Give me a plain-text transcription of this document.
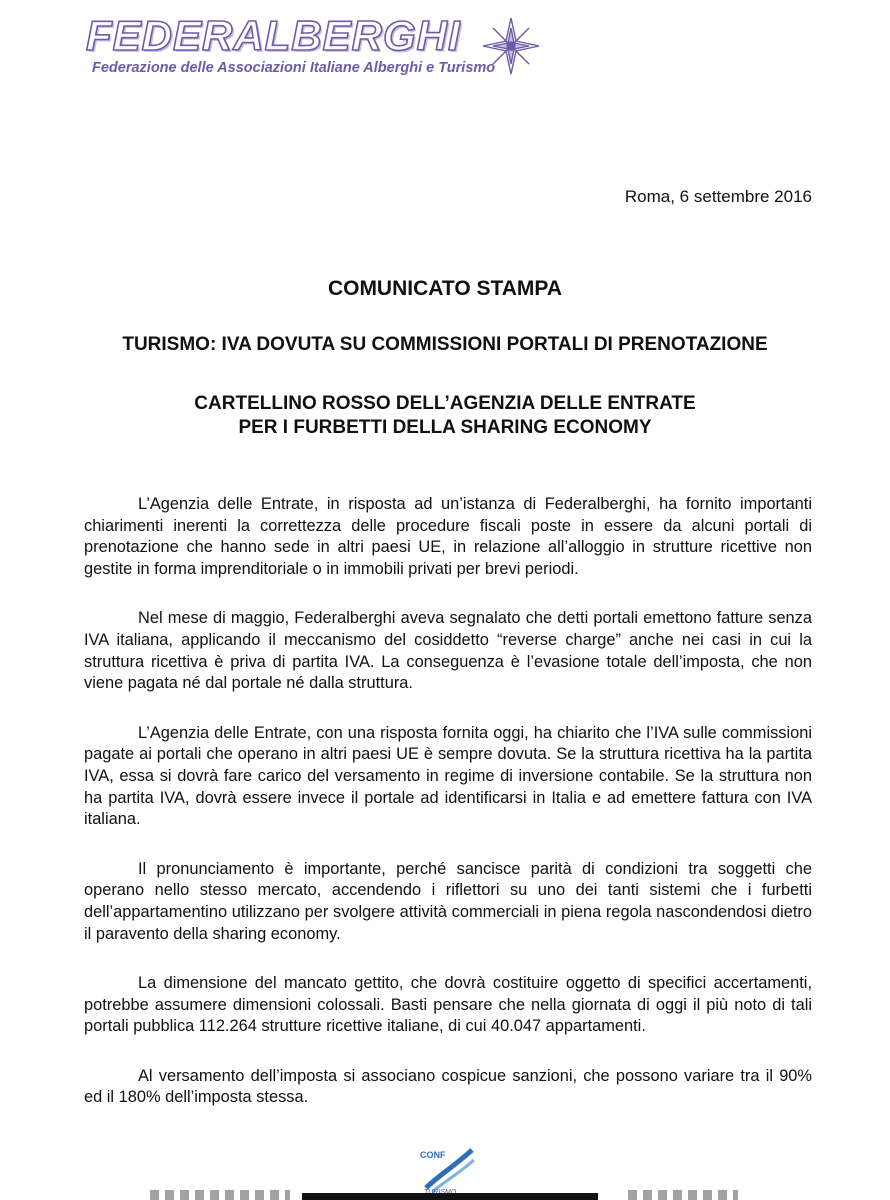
FEDERALBERGHI
Federazione delle Associazioni Italiane Alberghi e Turismo
Roma, 6 settembre 2016
COMUNICATO STAMPA
TURISMO: IVA DOVUTA SU COMMISSIONI PORTALI DI PRENOTAZIONE
CARTELLINO ROSSO DELL’AGENZIA DELLE ENTRATE
PER I FURBETTI DELLA SHARING ECONOMY

L’Agenzia delle Entrate, in risposta ad un’istanza di Federalberghi, ha fornito importanti chiarimenti inerenti la correttezza delle procedure fiscali poste in essere da alcuni portali di prenotazione che hanno sede in altri paesi UE, in relazione all’alloggio in strutture ricettive non gestite in forma imprenditoriale o in immobili privati per brevi periodi.

Nel mese di maggio, Federalberghi aveva segnalato che detti portali emettono fatture senza IVA italiana, applicando il meccanismo del cosiddetto “reverse charge” anche nei casi in cui la struttura ricettiva è priva di partita IVA. La conseguenza è l’evasione totale dell’imposta, che non viene pagata né dal portale né dalla struttura.

L’Agenzia delle Entrate, con una risposta fornita oggi, ha chiarito che l’IVA sulle commissioni pagate ai portali che operano in altri paesi UE è sempre dovuta. Se la struttura ricettiva ha la partita IVA, essa si dovrà fare carico del versamento in regime di inversione contabile. Se la struttura non ha partita IVA, dovrà essere invece il portale ad identificarsi in Italia e ad emettere fattura con IVA italiana.

Il pronunciamento è importante, perché sancisce parità di condizioni tra soggetti che operano nello stesso mercato, accendendo i riflettori su uno dei tanti sistemi che i furbetti dell’appartamentino utilizzano per svolgere attività commerciali in piena regola nascondendosi dietro il paravento della sharing economy.

La dimensione del mancato gettito, che dovrà costituire oggetto di specifici accertamenti, potrebbe assumere dimensioni colossali. Basti pensare che nella giornata di oggi il più noto di tali portali pubblica 112.264 strutture ricettive italiane, di cui 40.047 appartamenti.

Al versamento dell’imposta si associano cospicue sanzioni, che possono variare tra il 90% ed il 180% dell’imposta stessa.

CONF
